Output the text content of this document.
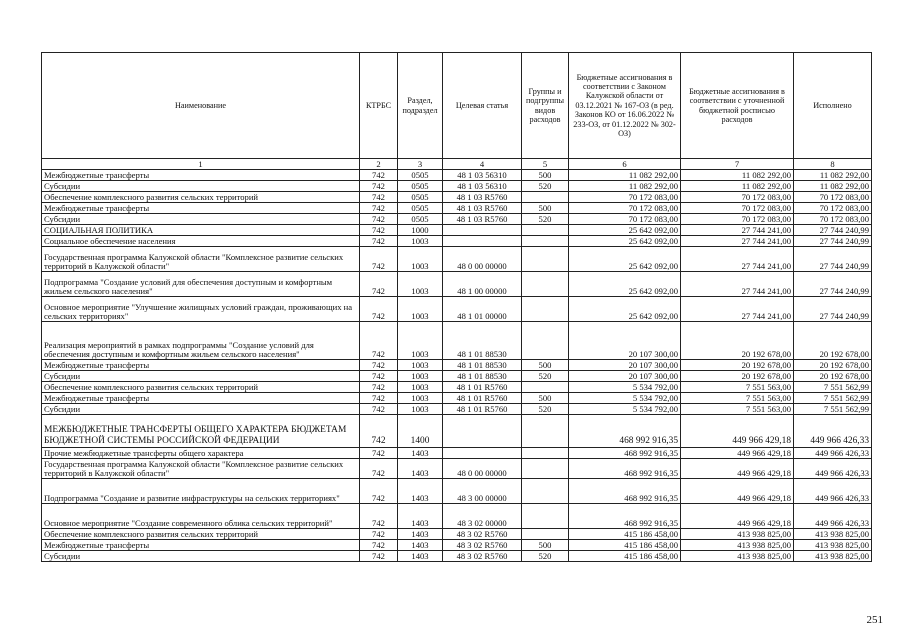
Наименование	КТРБС	Раздел, подраздел	Целевая статья	Группы и подгруппы видов расходов	Бюджетные ассигнования в соответствии с Законом Калужской области от 03.12.2021 № 167-ОЗ (в ред. Законов КО от 16.06.2022 № 233-ОЗ, от 01.12.2022 № 302-ОЗ)	Бюджетные ассигнования в соответствии с уточненной бюджетной росписью расходов	Исполнено
1	2	3	4	5	6	7	8
Межбюджетные трансферты	742	0505	48 1 03 56310	500	11 082 292,00	11 082 292,00	11 082 292,00
Субсидии	742	0505	48 1 03 56310	520	11 082 292,00	11 082 292,00	11 082 292,00
Обеспечение комплексного развития сельских территорий	742	0505	48 1 03 R5760		70 172 083,00	70 172 083,00	70 172 083,00
Межбюджетные трансферты	742	0505	48 1 03 R5760	500	70 172 083,00	70 172 083,00	70 172 083,00
Субсидии	742	0505	48 1 03 R5760	520	70 172 083,00	70 172 083,00	70 172 083,00
СОЦИАЛЬНАЯ ПОЛИТИКА	742	1000			25 642 092,00	27 744 241,00	27 744 240,99
Социальное обеспечение населения	742	1003			25 642 092,00	27 744 241,00	27 744 240,99
Государственная программа Калужской области "Комплексное развитие сельских территорий в Калужской области"	742	1003	48 0 00 00000		25 642 092,00	27 744 241,00	27 744 240,99
Подпрограмма "Создание условий для обеспечения доступным и комфортным жильем сельского населения"	742	1003	48 1 00 00000		25 642 092,00	27 744 241,00	27 744 240,99
Основное мероприятие "Улучшение жилищных условий граждан, проживающих на сельских территориях"	742	1003	48 1 01 00000		25 642 092,00	27 744 241,00	27 744 240,99
Реализация мероприятий в рамках подпрограммы "Создание условий для обеспечения доступным и комфортным жильем сельского населения"	742	1003	48 1 01 88530		20 107 300,00	20 192 678,00	20 192 678,00
Межбюджетные трансферты	742	1003	48 1 01 88530	500	20 107 300,00	20 192 678,00	20 192 678,00
Субсидии	742	1003	48 1 01 88530	520	20 107 300,00	20 192 678,00	20 192 678,00
Обеспечение комплексного развития сельских территорий	742	1003	48 1 01 R5760		5 534 792,00	7 551 563,00	7 551 562,99
Межбюджетные трансферты	742	1003	48 1 01 R5760	500	5 534 792,00	7 551 563,00	7 551 562,99
Субсидии	742	1003	48 1 01 R5760	520	5 534 792,00	7 551 563,00	7 551 562,99
МЕЖБЮДЖЕТНЫЕ ТРАНСФЕРТЫ ОБЩЕГО ХАРАКТЕРА БЮДЖЕТАМ БЮДЖЕТНОЙ СИСТЕМЫ РОССИЙСКОЙ ФЕДЕРАЦИИ	742	1400			468 992 916,35	449 966 429,18	449 966 426,33
Прочие межбюджетные трансферты общего характера	742	1403			468 992 916,35	449 966 429,18	449 966 426,33
Государственная программа Калужской области "Комплексное развитие сельских территорий в Калужской области"	742	1403	48 0 00 00000		468 992 916,35	449 966 429,18	449 966 426,33
Подпрограмма "Создание и развитие инфраструктуры на сельских территориях"	742	1403	48 3 00 00000		468 992 916,35	449 966 429,18	449 966 426,33
Основное мероприятие "Создание современного облика сельских территорий"	742	1403	48 3 02 00000		468 992 916,35	449 966 429,18	449 966 426,33
Обеспечение комплексного развития сельских территорий	742	1403	48 3 02 R5760		415 186 458,00	413 938 825,00	413 938 825,00
Межбюджетные трансферты	742	1403	48 3 02 R5760	500	415 186 458,00	413 938 825,00	413 938 825,00
Субсидии	742	1403	48 3 02 R5760	520	415 186 458,00	413 938 825,00	413 938 825,00
251
